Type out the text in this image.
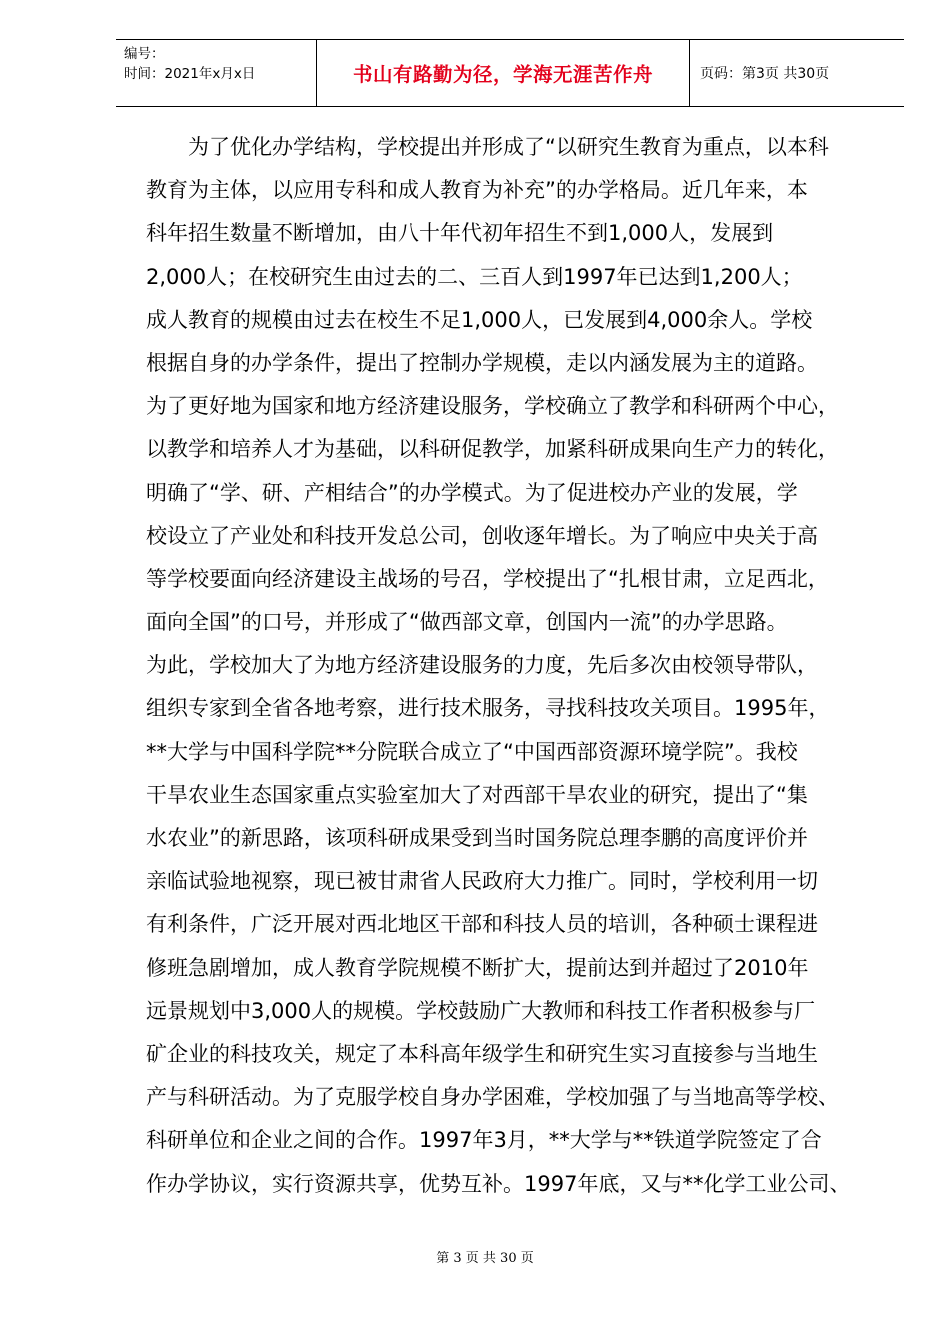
编号：
时间：2021年x月x日	书山有路勤为径，学海无涯苦作舟	页码：第3页 共30页
　　为了优化办学结构，学校提出并形成了“以研究生教育为重点，以本科
教育为主体，以应用专科和成人教育为补充”的办学格局。近几年来，本
科年招生数量不断增加，由八十年代初年招生不到1,000人，发展到
2,000人；在校研究生由过去的二、三百人到1997年已达到1,200人；
成人教育的规模由过去在校生不足1,000人，已发展到4,000余人。学校
根据自身的办学条件，提出了控制办学规模，走以内涵发展为主的道路。
为了更好地为国家和地方经济建设服务，学校确立了教学和科研两个中心，
以教学和培养人才为基础，以科研促教学，加紧科研成果向生产力的转化，
明确了“学、研、产相结合”的办学模式。为了促进校办产业的发展，学
校设立了产业处和科技开发总公司，创收逐年增长。为了响应中央关于高
等学校要面向经济建设主战场的号召，学校提出了“扎根甘肃，立足西北，
面向全国”的口号，并形成了“做西部文章，创国内一流”的办学思路。
为此，学校加大了为地方经济建设服务的力度，先后多次由校领导带队，
组织专家到全省各地考察，进行技术服务，寻找科技攻关项目。1995年，
**大学与中国科学院**分院联合成立了“中国西部资源环境学院”。我校
干旱农业生态国家重点实验室加大了对西部干旱农业的研究，提出了“集
水农业”的新思路，该项科研成果受到当时国务院总理李鹏的高度评价并
亲临试验地视察，现已被甘肃省人民政府大力推广。同时，学校利用一切
有利条件，广泛开展对西北地区干部和科技人员的培训，各种硕士课程进
修班急剧增加，成人教育学院规模不断扩大，提前达到并超过了2010年
远景规划中3,000人的规模。学校鼓励广大教师和科技工作者积极参与厂
矿企业的科技攻关，规定了本科高年级学生和研究生实习直接参与当地生
产与科研活动。为了克服学校自身办学困难，学校加强了与当地高等学校、
科研单位和企业之间的合作。1997年3月，**大学与**铁道学院签定了合
作办学协议，实行资源共享，优势互补。1997年底，又与**化学工业公司、
第 3 页 共 30 页
